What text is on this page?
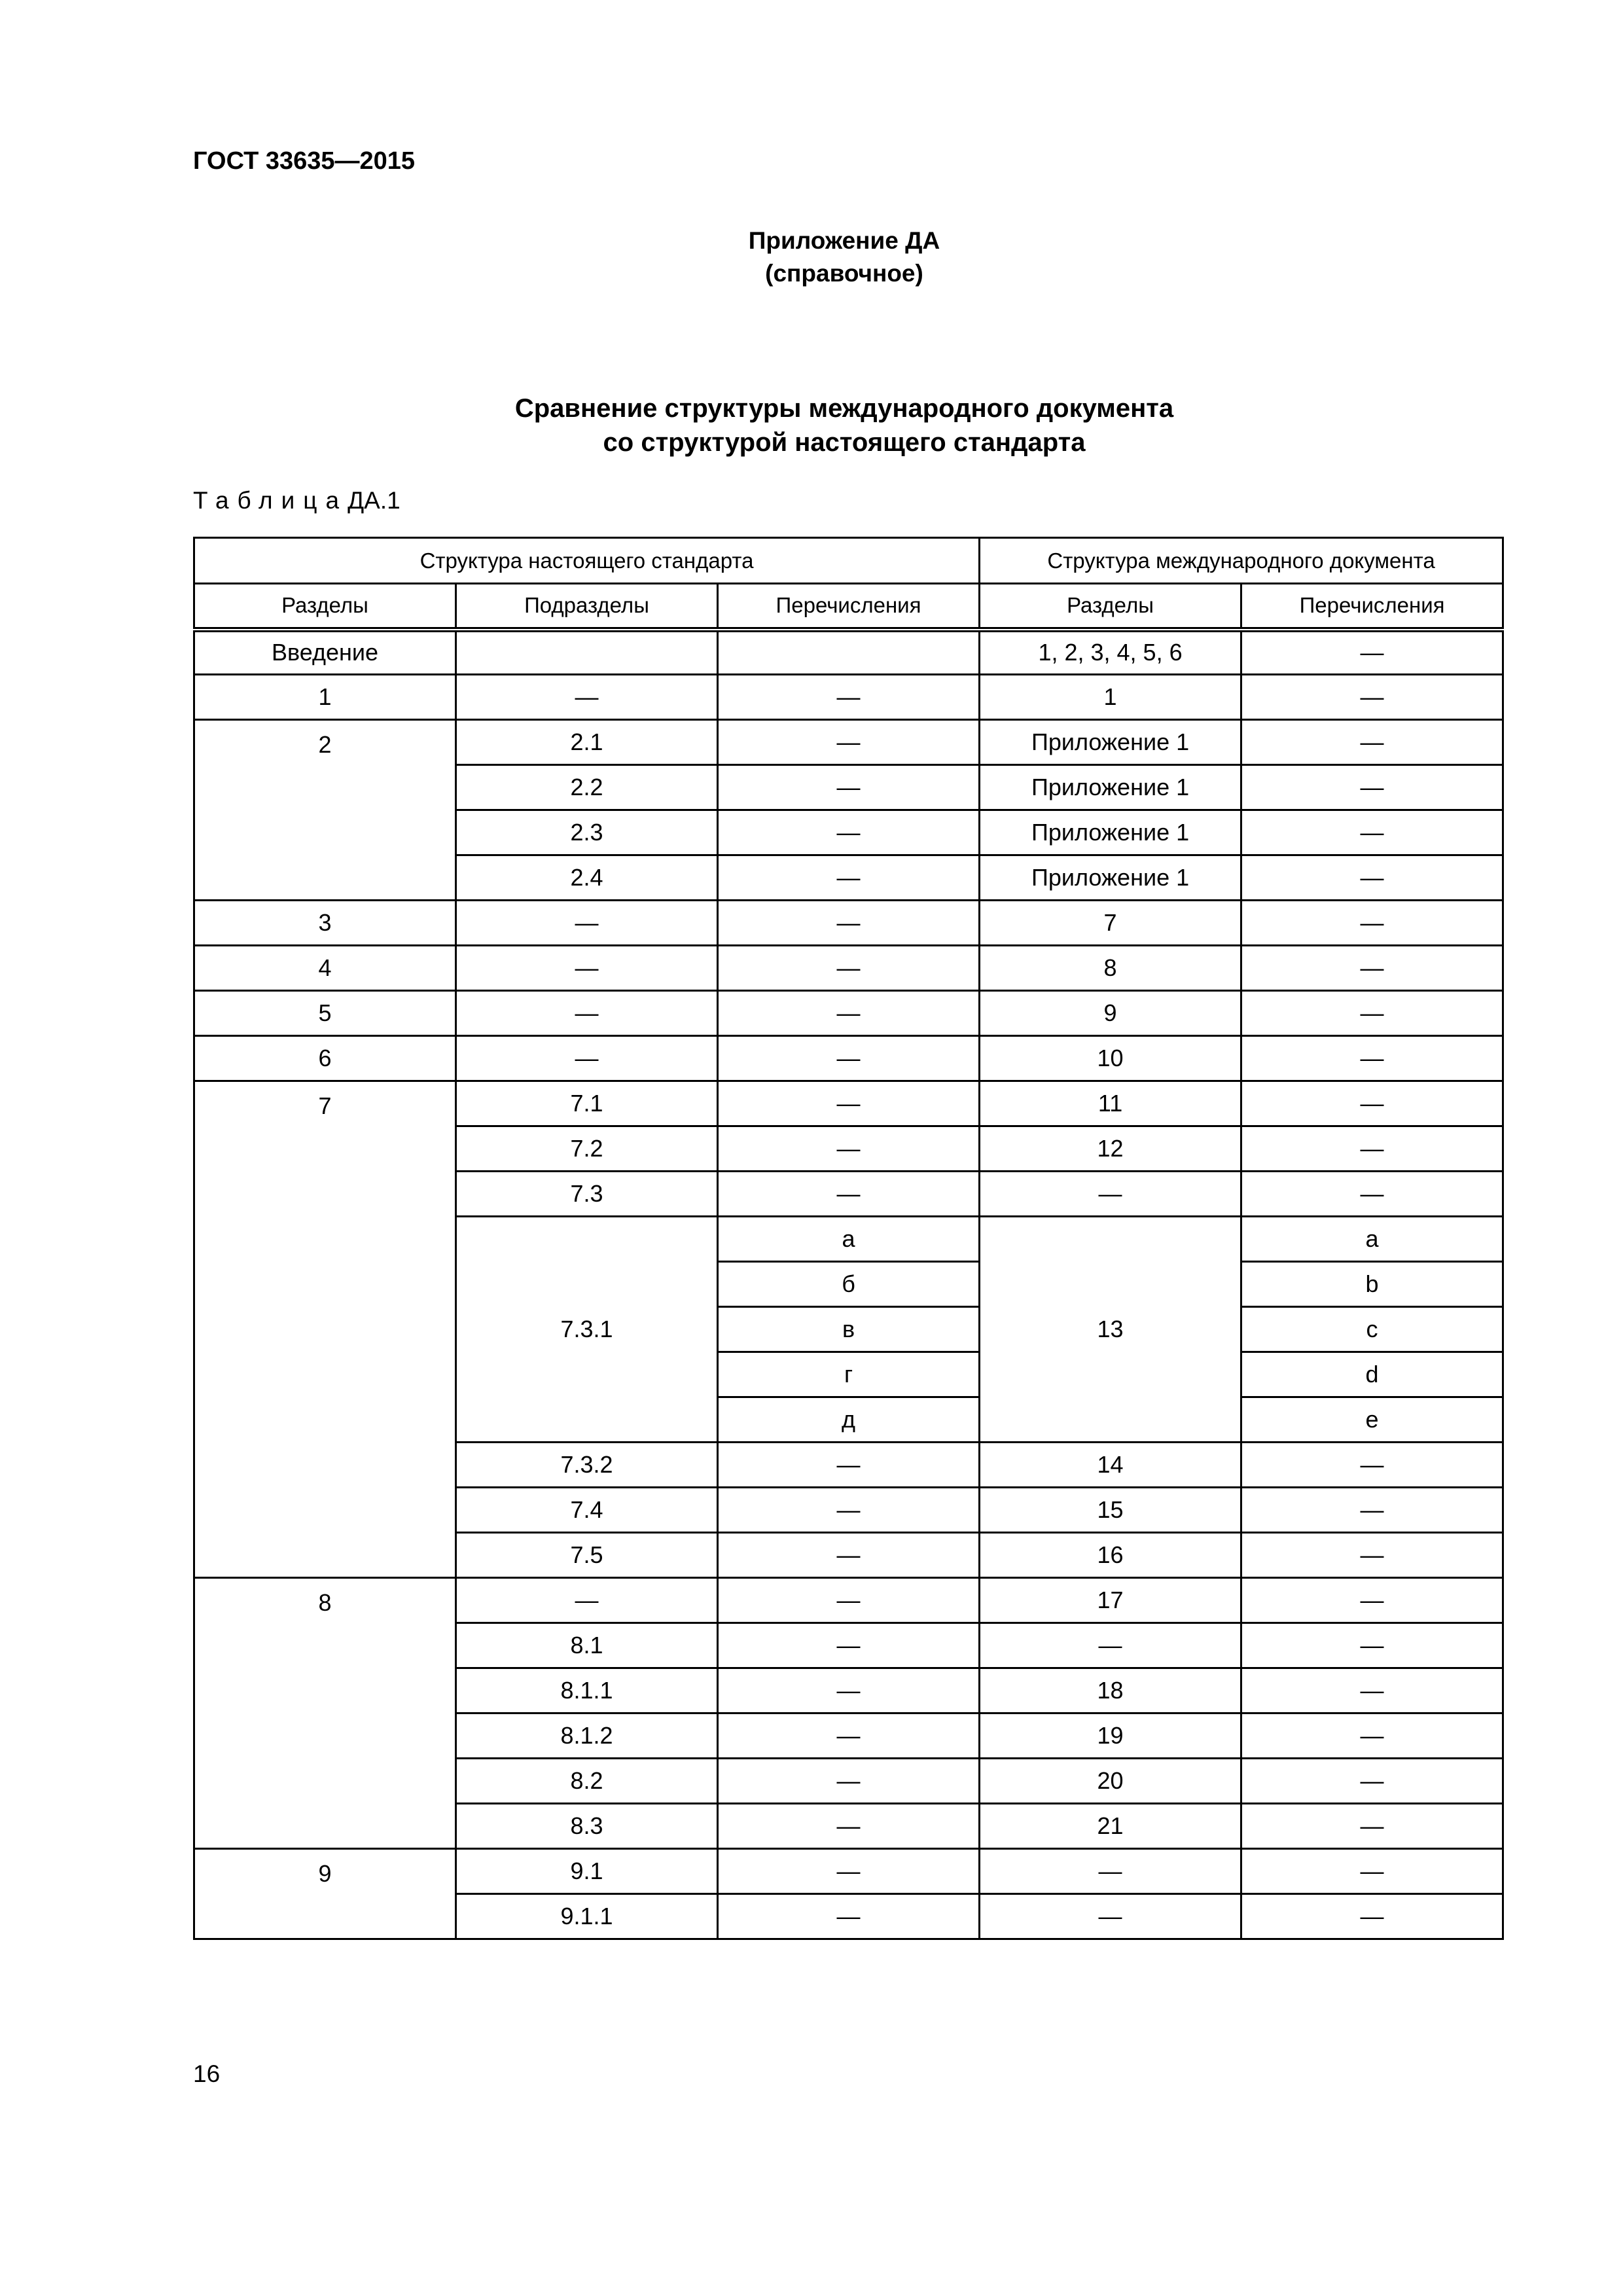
ГОСТ 33635—2015
Приложение ДА
(справочное)
Сравнение структуры международного документа
со структурой настоящего стандарта
ТаблицаДА.1
Структура настоящего стандарта			Структура международного документа	
Разделы	Подразделы	Перечисления	Разделы	Перечисления
Введение			1, 2, 3, 4, 5, 6	—
1	—	—	1	—
2	2.1	—	Приложение 1	—
	2.2	—	Приложение 1	—
	2.3	—	Приложение 1	—
	2.4	—	Приложение 1	—
3	—	—	7	—
4	—	—	8	—
5	—	—	9	—
6	—	—	10	—
7	7.1	—	11	—
	7.2	—	12	—
	7.3	—	—	—
	7.3.1	а	13	a
		б		b
		в		c
		г		d
		д		e
	7.3.2	—	14	—
	7.4	—	15	—
	7.5	—	16	—
8	—	—	17	—
	8.1	—	—	—
	8.1.1	—	18	—
	8.1.2	—	19	—
	8.2	—	20	—
	8.3	—	21	—
9	9.1	—	—	—
	9.1.1	—	—	—
16
